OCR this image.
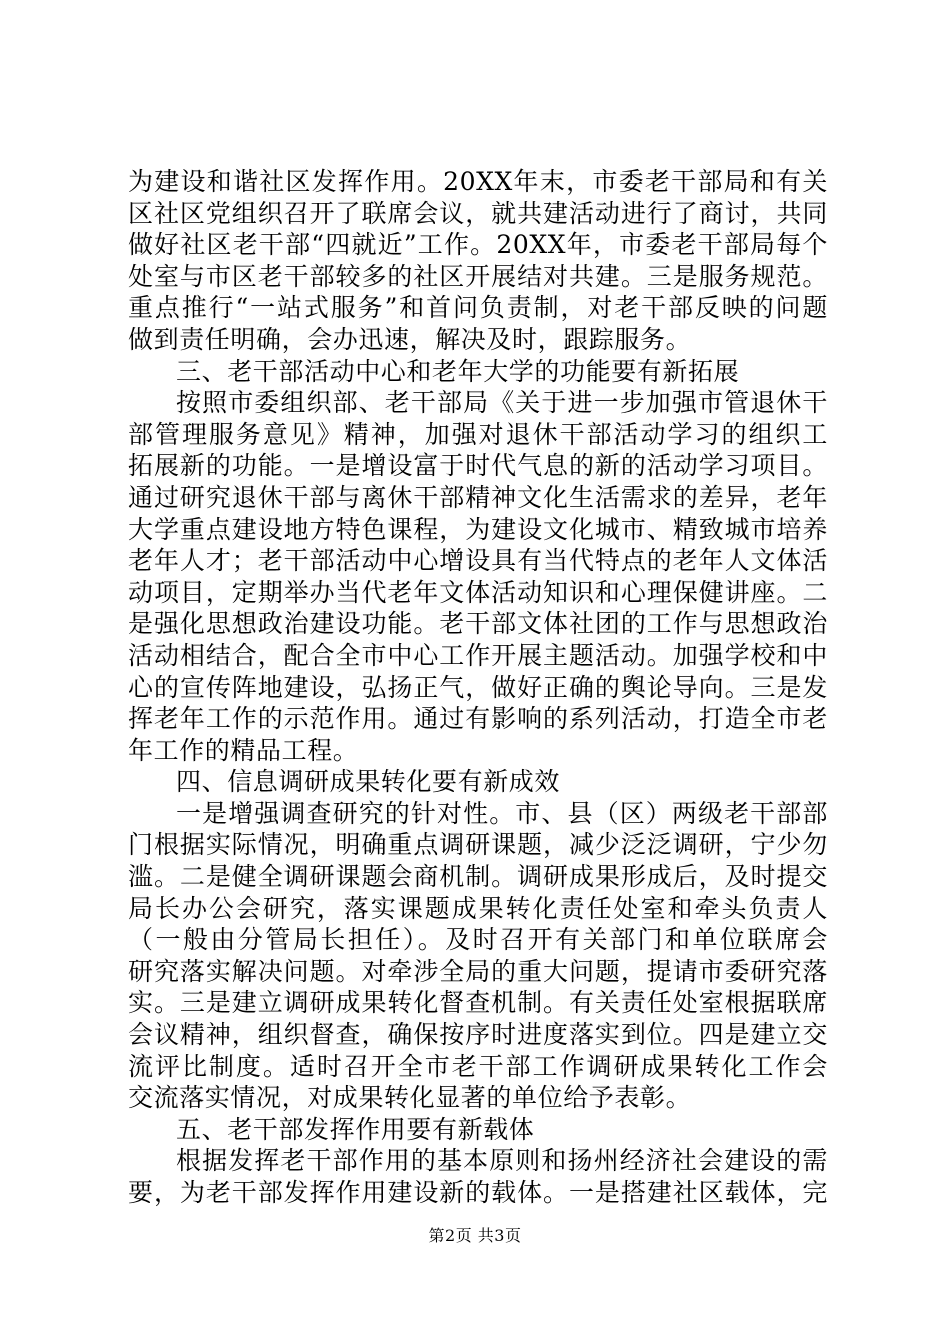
为建设和谐社区发挥作用。20XX年末，市委老干部局和有关
区社区党组织召开了联席会议，就共建活动进行了商讨，共同
做好社区老干部“四就近”工作。20XX年，市委老干部局每个
处室与市区老干部较多的社区开展结对共建。三是服务规范。
重点推行“一站式服务”和首问负责制，对老干部反映的问题
做到责任明确，会办迅速，解决及时，跟踪服务。
三、老干部活动中心和老年大学的功能要有新拓展
按照市委组织部、老干部局《关于进一步加强市管退休干
部管理服务意见》精神，加强对退休干部活动学习的组织工
拓展新的功能。一是增设富于时代气息的新的活动学习项目。
通过研究退休干部与离休干部精神文化生活需求的差异，老年
大学重点建设地方特色课程，为建设文化城市、精致城市培养
老年人才；老干部活动中心增设具有当代特点的老年人文体活
动项目，定期举办当代老年文体活动知识和心理保健讲座。二
是强化思想政治建设功能。老干部文体社团的工作与思想政治
活动相结合，配合全市中心工作开展主题活动。加强学校和中
心的宣传阵地建设，弘扬正气，做好正确的舆论导向。三是发
挥老年工作的示范作用。通过有影响的系列活动，打造全市老
年工作的精品工程。
四、信息调研成果转化要有新成效
一是增强调查研究的针对性。市、县（区）两级老干部部
门根据实际情况，明确重点调研课题，减少泛泛调研，宁少勿
滥。二是健全调研课题会商机制。调研成果形成后，及时提交
局长办公会研究，落实课题成果转化责任处室和牵头负责人
（一般由分管局长担任）。及时召开有关部门和单位联席会
研究落实解决问题。对牵涉全局的重大问题，提请市委研究落
实。三是建立调研成果转化督查机制。有关责任处室根据联席
会议精神，组织督查，确保按序时进度落实到位。四是建立交
流评比制度。适时召开全市老干部工作调研成果转化工作会
交流落实情况，对成果转化显著的单位给予表彰。
五、老干部发挥作用要有新载体
根据发挥老干部作用的基本原则和扬州经济社会建设的需
要，为老干部发挥作用建设新的载体。一是搭建社区载体，完
第2页 共3页
